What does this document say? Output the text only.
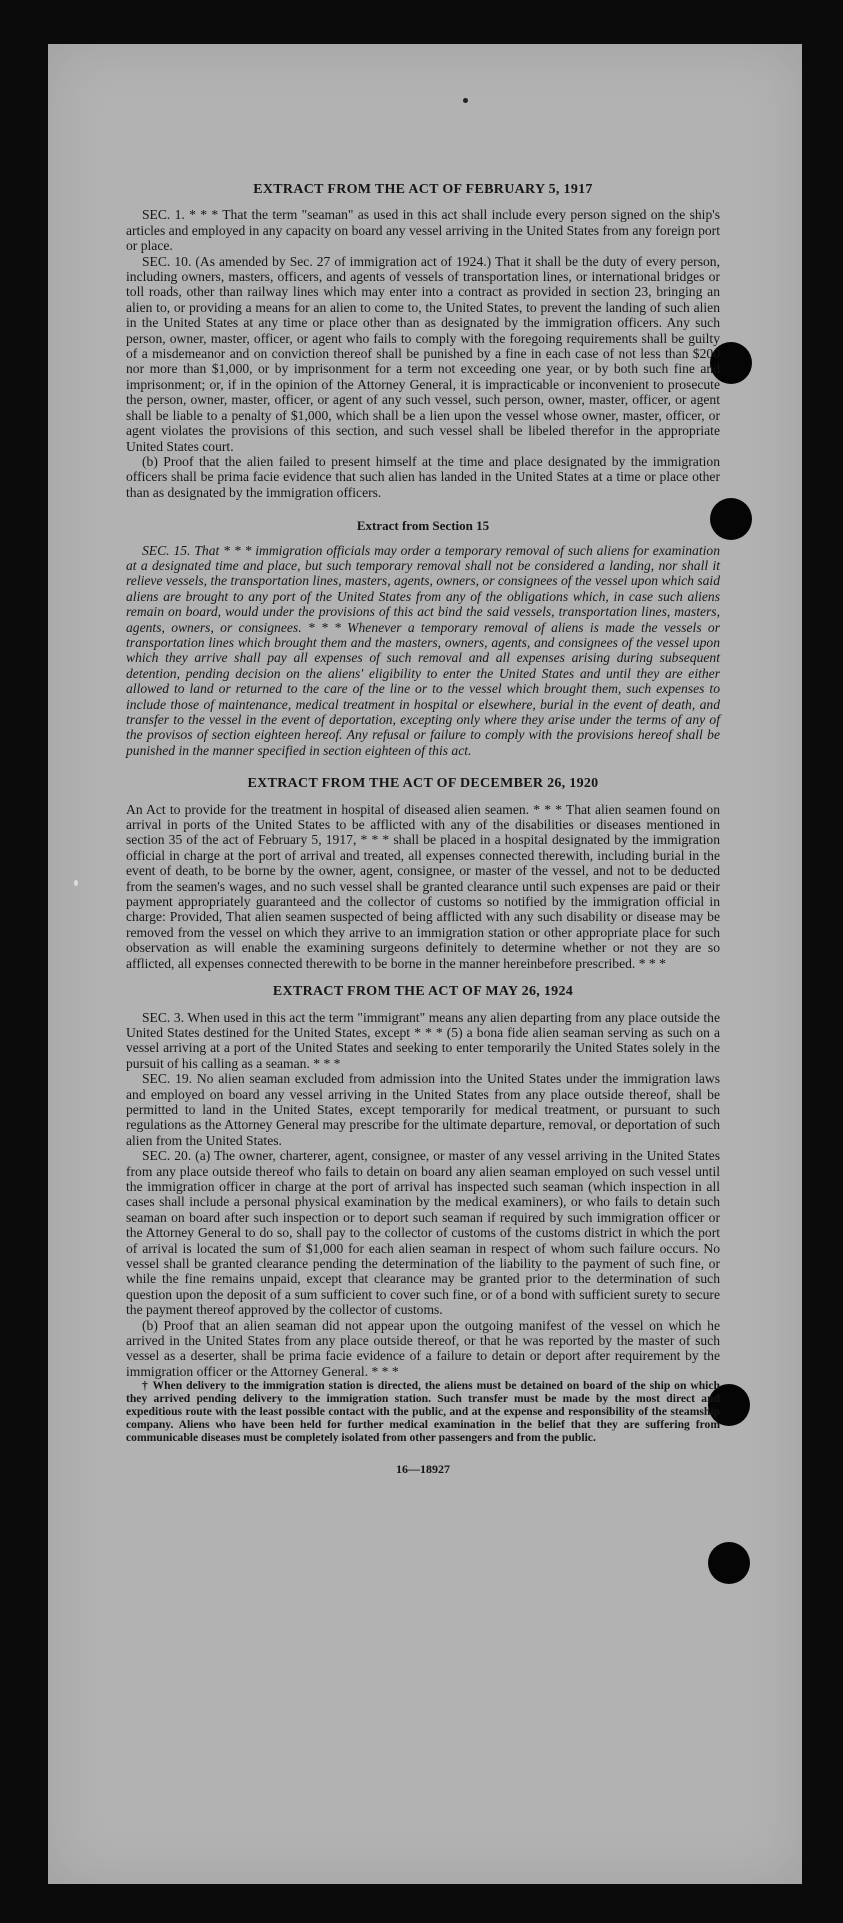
EXTRACT FROM THE ACT OF FEBRUARY 5, 1917

SEC. 1. * * * That the term "seaman" as used in this act shall include every person signed on the ship's articles and employed in any capacity on board any vessel arriving in the United States from any foreign port or place.

SEC. 10. (As amended by Sec. 27 of immigration act of 1924.) That it shall be the duty of every person, including owners, masters, officers, and agents of vessels of transportation lines, or international bridges or toll roads, other than railway lines which may enter into a contract as provided in section 23, bringing an alien to, or providing a means for an alien to come to, the United States, to prevent the landing of such alien in the United States at any time or place other than as designated by the immigration officers. Any such person, owner, master, officer, or agent who fails to comply with the foregoing requirements shall be guilty of a misdemeanor and on conviction thereof shall be punished by a fine in each case of not less than $200 nor more than $1,000, or by imprisonment for a term not exceeding one year, or by both such fine and imprisonment; or, if in the opinion of the Attorney General, it is impracticable or inconvenient to prosecute the person, owner, master, officer, or agent of any such vessel, such person, owner, master, officer, or agent shall be liable to a penalty of $1,000, which shall be a lien upon the vessel whose owner, master, officer, or agent violates the provisions of this section, and such vessel shall be libeled therefor in the appropriate United States court.

(b) Proof that the alien failed to present himself at the time and place designated by the immigration officers shall be prima facie evidence that such alien has landed in the United States at a time or place other than as designated by the immigration officers.

Extract from Section 15

SEC. 15. That * * * immigration officials may order a temporary removal of such aliens for examination at a designated time and place, but such temporary removal shall not be considered a landing, nor shall it relieve vessels, the transportation lines, masters, agents, owners, or consignees of the vessel upon which said aliens are brought to any port of the United States from any of the obligations which, in case such aliens remain on board, would under the provisions of this act bind the said vessels, transportation lines, masters, agents, owners, or consignees. * * * Whenever a temporary removal of aliens is made the vessels or transportation lines which brought them and the masters, owners, agents, and consignees of the vessel upon which they arrive shall pay all expenses of such removal and all expenses arising during subsequent detention, pending decision on the aliens' eligibility to enter the United States and until they are either allowed to land or returned to the care of the line or to the vessel which brought them, such expenses to include those of maintenance, medical treatment in hospital or elsewhere, burial in the event of death, and transfer to the vessel in the event of deportation, excepting only where they arise under the terms of any of the provisos of section eighteen hereof. Any refusal or failure to comply with the provisions hereof shall be punished in the manner specified in section eighteen of this act.

EXTRACT FROM THE ACT OF DECEMBER 26, 1920

An Act to provide for the treatment in hospital of diseased alien seamen. * * * That alien seamen found on arrival in ports of the United States to be afflicted with any of the disabilities or diseases mentioned in section 35 of the act of February 5, 1917, * * * shall be placed in a hospital designated by the immigration official in charge at the port of arrival and treated, all expenses connected therewith, including burial in the event of death, to be borne by the owner, agent, consignee, or master of the vessel, and not to be deducted from the seamen's wages, and no such vessel shall be granted clearance until such expenses are paid or their payment appropriately guaranteed and the collector of customs so notified by the immigration official in charge: Provided, That alien seamen suspected of being afflicted with any such disability or disease may be removed from the vessel on which they arrive to an immigration station or other appropriate place for such observation as will enable the examining surgeons definitely to determine whether or not they are so afflicted, all expenses connected therewith to be borne in the manner hereinbefore prescribed. * * *

EXTRACT FROM THE ACT OF MAY 26, 1924

SEC. 3. When used in this act the term "immigrant" means any alien departing from any place outside the United States destined for the United States, except * * * (5) a bona fide alien seaman serving as such on a vessel arriving at a port of the United States and seeking to enter temporarily the United States solely in the pursuit of his calling as a seaman. * * *

SEC. 19. No alien seaman excluded from admission into the United States under the immigration laws and employed on board any vessel arriving in the United States from any place outside thereof, shall be permitted to land in the United States, except temporarily for medical treatment, or pursuant to such regulations as the Attorney General may prescribe for the ultimate departure, removal, or deportation of such alien from the United States.

SEC. 20. (a) The owner, charterer, agent, consignee, or master of any vessel arriving in the United States from any place outside thereof who fails to detain on board any alien seaman employed on such vessel until the immigration officer in charge at the port of arrival has inspected such seaman (which inspection in all cases shall include a personal physical examination by the medical examiners), or who fails to detain such seaman on board after such inspection or to deport such seaman if required by such immigration officer or the Attorney General to do so, shall pay to the collector of customs of the customs district in which the port of arrival is located the sum of $1,000 for each alien seaman in respect of whom such failure occurs. No vessel shall be granted clearance pending the determination of the liability to the payment of such fine, or while the fine remains unpaid, except that clearance may be granted prior to the determination of such question upon the deposit of a sum sufficient to cover such fine, or of a bond with sufficient surety to secure the payment thereof approved by the collector of customs.

(b) Proof that an alien seaman did not appear upon the outgoing manifest of the vessel on which he arrived in the United States from any place outside thereof, or that he was reported by the master of such vessel as a deserter, shall be prima facie evidence of a failure to detain or deport after requirement by the immigration officer or the Attorney General. * * *

† When delivery to the immigration station is directed, the aliens must be detained on board of the ship on which they arrived pending delivery to the immigration station. Such transfer must be made by the most direct and expeditious route with the least possible contact with the public, and at the expense and responsibility of the steamship company. Aliens who have been held for further medical examination in the belief that they are suffering from communicable diseases must be completely isolated from other passengers and from the public.

16—18927
